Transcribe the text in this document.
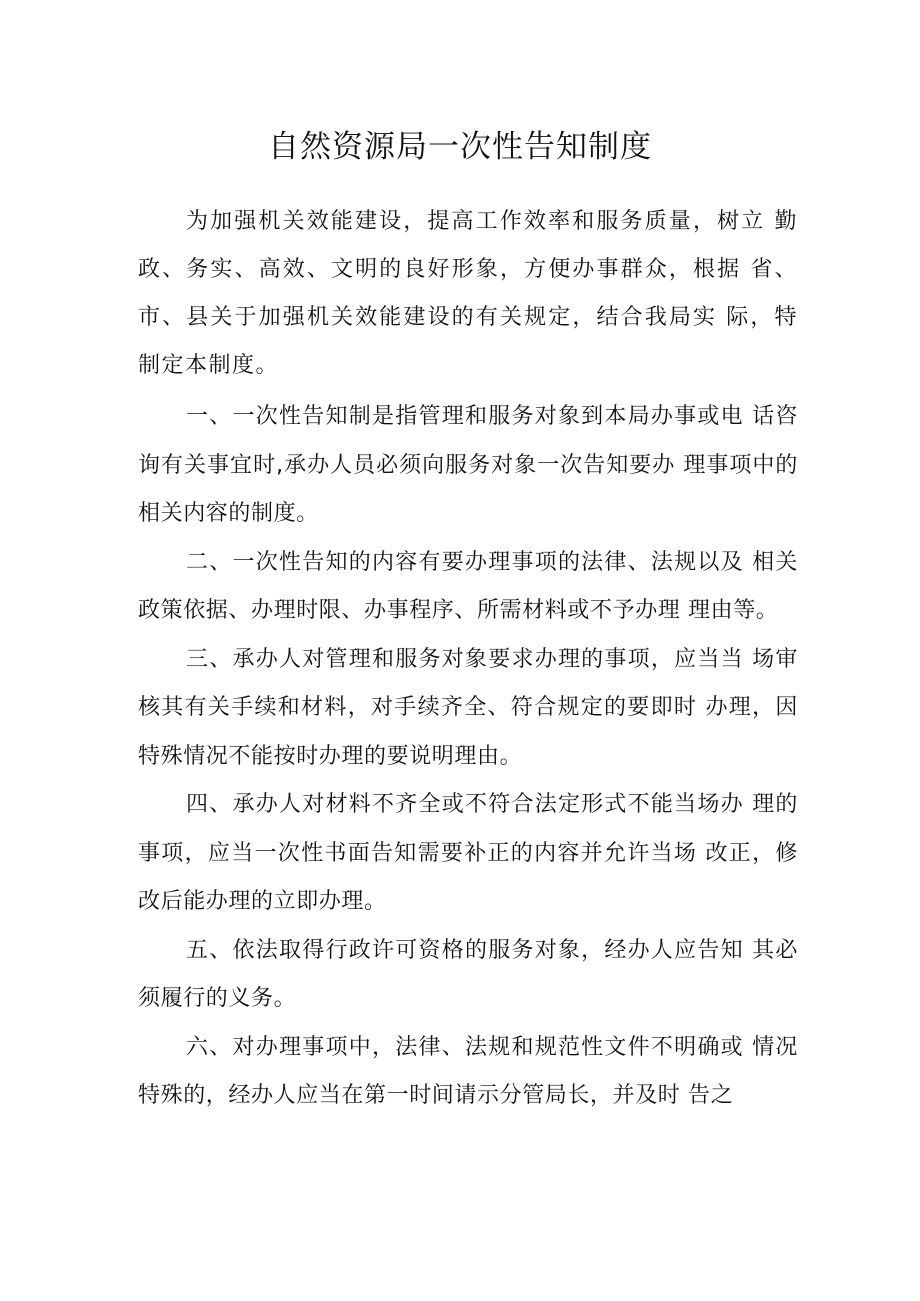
自然资源局一次性告知制度

为加强机关效能建设，提高工作效率和服务质量，树立 勤政、务实、高效、文明的良好形象，方便办事群众，根据 省、市、县关于加强机关效能建设的有关规定，结合我局实 际，特制定本制度。

一、一次性告知制是指管理和服务对象到本局办事或电 话咨询有关事宜时,承办人员必须向服务对象一次告知要办 理事项中的相关内容的制度。

二、一次性告知的内容有要办理事项的法律、法规以及 相关政策依据、办理时限、办事程序、所需材料或不予办理 理由等。

三、承办人对管理和服务对象要求办理的事项，应当当 场审核其有关手续和材料，对手续齐全、符合规定的要即时 办理，因特殊情况不能按时办理的要说明理由。

四、承办人对材料不齐全或不符合法定形式不能当场办 理的事项，应当一次性书面告知需要补正的内容并允许当场 改正，修改后能办理的立即办理。

五、依法取得行政许可资格的服务对象，经办人应告知 其必须履行的义务。

六、对办理事项中，法律、法规和规范性文件不明确或 情况特殊的，经办人应当在第一时间请示分管局长，并及时 告之
